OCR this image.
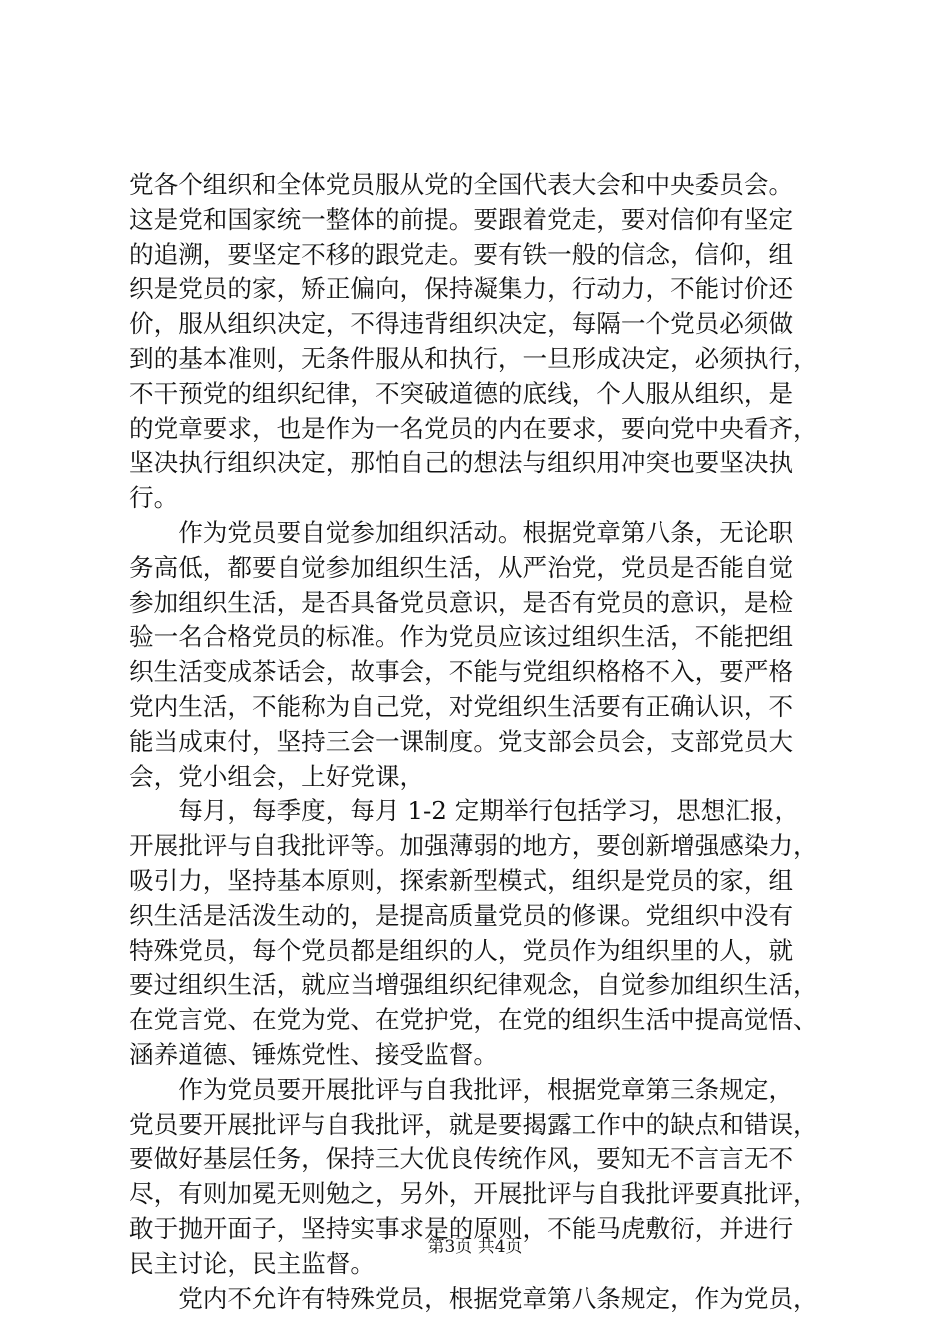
党各个组织和全体党员服从党的全国代表大会和中央委员会。
这是党和国家统一整体的前提。要跟着党走，要对信仰有坚定
的追溯，要坚定不移的跟党走。要有铁一般的信念，信仰，组
织是党员的家，矫正偏向，保持凝集力，行动力，不能讨价还
价，服从组织决定，不得违背组织决定，每隔一个党员必须做
到的基本准则，无条件服从和执行，一旦形成决定，必须执行，
不干预党的组织纪律，不突破道德的底线，个人服从组织，是
的党章要求，也是作为一名党员的内在要求，要向党中央看齐，
坚决执行组织决定，那怕自己的想法与组织用冲突也要坚决执
行。
　　作为党员要自觉参加组织活动。根据党章第八条，无论职
务高低，都要自觉参加组织生活，从严治党，党员是否能自觉
参加组织生活，是否具备党员意识，是否有党员的意识，是检
验一名合格党员的标准。作为党员应该过组织生活，不能把组
织生活变成茶话会，故事会，不能与党组织格格不入，要严格
党内生活，不能称为自己党，对党组织生活要有正确认识，不
能当成束付，坚持三会一课制度。党支部会员会，支部党员大
会，党小组会，上好党课，
　　每月，每季度，每月 1-2 定期举行包括学习，思想汇报，
开展批评与自我批评等。加强薄弱的地方，要创新增强感染力，
吸引力，坚持基本原则，探索新型模式，组织是党员的家，组
织生活是活泼生动的，是提高质量党员的修课。党组织中没有
特殊党员，每个党员都是组织的人，党员作为组织里的人，就
要过组织生活，就应当增强组织纪律观念，自觉参加组织生活，
在党言党、在党为党、在党护党，在党的组织生活中提高觉悟、
涵养道德、锤炼党性、接受监督。
　　作为党员要开展批评与自我批评，根据党章第三条规定，
党员要开展批评与自我批评，就是要揭露工作中的缺点和错误，
要做好基层任务，保持三大优良传统作风，要知无不言言无不
尽，有则加冕无则勉之，另外，开展批评与自我批评要真批评，
敢于抛开面子，坚持实事求是的原则，不能马虎敷衍，并进行
民主讨论，民主监督。
　　党内不允许有特殊党员，根据党章第八条规定，作为党员，
第3页 共4页
